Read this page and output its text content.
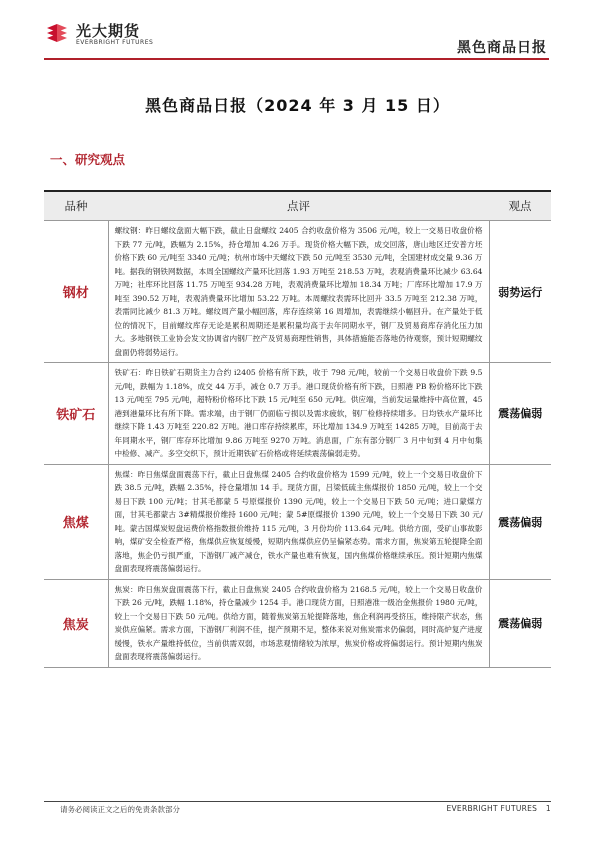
光大期货
EVERBRIGHT FUTURES	黑色商品日报
黑色商品日报（2024 年 3 月 15 日）
一、研究观点
品种	点评	观点
钢材	螺纹钢：昨日螺纹盘面大幅下跌，截止日盘螺纹 2405 合约收盘价格为 3506 元/吨，较上一交易日收盘价格下跌 77 元/吨，跌幅为 2.15%，持仓增加 4.26 万手。现货价格大幅下跌，成交回落，唐山地区迁安普方坯价格下跌 60 元/吨至 3340 元/吨；杭州市场中天螺纹下跌 50 元/吨至 3530 元/吨，全国建材成交量 9.36 万吨。据我的钢铁网数据，本周全国螺纹产量环比回落 1.93 万吨至 218.53 万吨，表观消费量环比减少 63.64 万吨；社库环比回落 11.75 万吨至 934.28 万吨，表观消费量环比增加 18.34 万吨；厂库环比增加 17.9 万吨至 390.52 万吨，表观消费量环比增加 53.22 万吨。本周螺纹表需环比回升 33.5 万吨至 212.38 万吨，表需同比减少 81.3 万吨。螺纹周产量小幅回落，库存连续第 16 周增加，表需继续小幅回升。在产量处于低位的情况下，目前螺纹库存无论是累积周期还是累积量均高于去年同期水平，钢厂及贸易商库存消化压力加大。多地钢铁工业协会发文协调省内钢厂控产及贸易商理性销售，具体措施能否落地仍待观察，预计短期螺纹盘面仍将弱势运行。	弱势运行
铁矿石	铁矿石：昨日铁矿石期货主力合约 i2405 价格有所下跌，收于 798 元/吨，较前一个交易日收盘价下跌 9.5 元/吨，跌幅为 1.18%，成交 44 万手，减仓 0.7 万手。港口现货价格有所下跌，日照港 PB 粉价格环比下跌 13 元/吨至 795 元/吨，超特粉价格环比下跌 15 元/吨至 650 元/吨。供应端，当前发运量维持中高位置，45 港到港量环比有所下降。需求端，由于钢厂仍面临亏损以及需求疲软，钢厂检修持续增多。日均铁水产量环比继续下降 1.43 万吨至 220.82 万吨。港口库存持续累库，环比增加 134.9 万吨至 14285 万吨，目前高于去年同期水平，钢厂库存环比增加 9.86 万吨至 9270 万吨。消息面，广东有部分钢厂 3 月中旬到 4 月中旬集中检修、减产。多空交织下，预计近期铁矿石价格或将延续震荡偏弱走势。	震荡偏弱
焦煤	焦煤：昨日焦煤盘面震荡下行，截止日盘焦煤 2405 合约收盘价格为 1599 元/吨，较上一个交易日收盘价下跌 38.5 元/吨，跌幅 2.35%，持仓量增加 14 手。现货方面，吕梁低硫主焦煤报价 1850 元/吨，较上一个交易日下跌 100 元/吨；甘其毛都蒙 5 号原煤报价 1390 元/吨，较上一个交易日下跌 50 元/吨；进口蒙煤方面，甘其毛都蒙古 3#精煤报价维持 1600 元/吨；蒙 5#原煤报价 1390 元/吨，较上一个交易日下跌 30 元/吨。蒙古国煤炭短盘运费价格指数报价维持 115 元/吨，3 月份均价 113.64 元/吨。供给方面，受矿山事故影响，煤矿安全检查严格，焦煤供应恢复缓慢，短期内焦煤供应仍呈偏紧态势。需求方面，焦炭第五轮提降全面落地，焦企仍亏损严重，下游钢厂减产减仓，铁水产量也难有恢复，国内焦煤价格继续承压。预计短期内焦煤盘面表现将震荡偏弱运行。	震荡偏弱
焦炭	焦炭：昨日焦炭盘面震荡下行，截止日盘焦炭 2405 合约收盘价格为 2168.5 元/吨，较上一个交易日收盘价下跌 26 元/吨，跌幅 1.18%，持仓量减少 1254 手。港口现货方面，日照港准一级冶金焦报价 1980 元/吨，较上一个交易日下跌 50 元/吨。供给方面，随着焦炭第五轮提降落地，焦企利润再受挤压，维持限产状态，焦炭供应偏紧。需求方面，下游钢厂利润不佳，提产预期不足，整体来说对焦炭需求仍偏弱，同时高炉复产进度缓慢，铁水产量维持低位，当前供需双弱，市场悲观情绪较为浓厚，焦炭价格或将偏弱运行。预计短期内焦炭盘面表现将震荡偏弱运行。	震荡偏弱
请务必阅读正文之后的免责条款部分	EVERBRIGHT FUTURES 1
